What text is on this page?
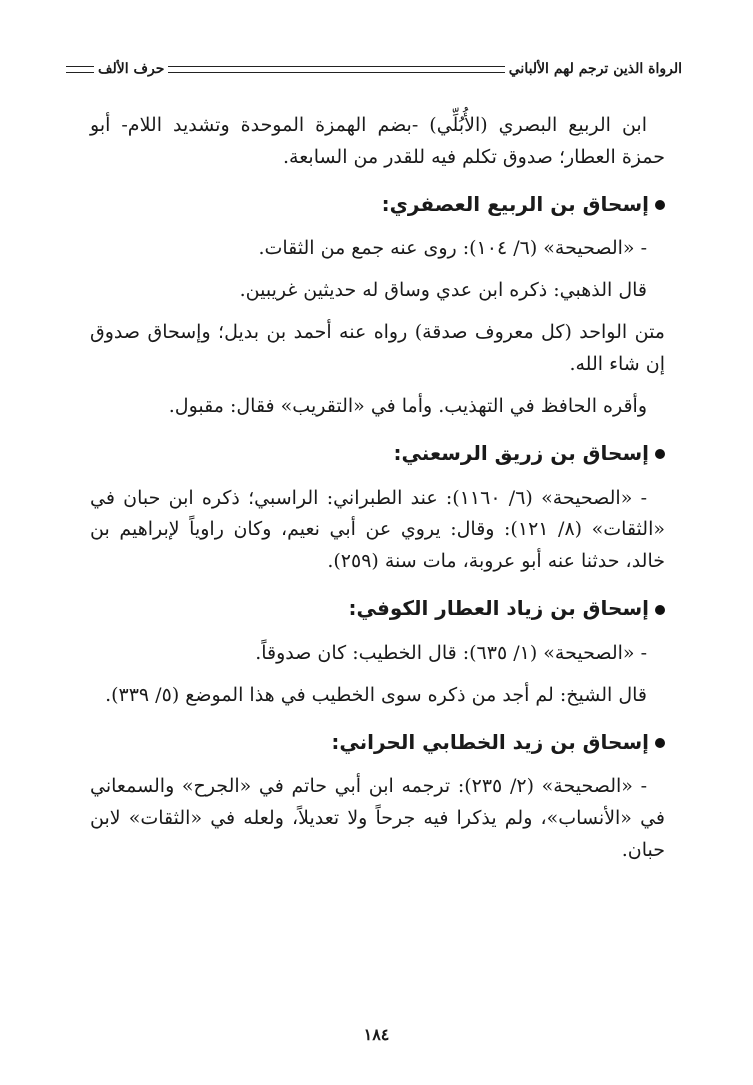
الرواة الذين ترجم لهم الألباني
حرف الألف

ابن الربيع البصري (الأُبُلِّي) -بضم الهمزة الموحدة وتشديد اللام- أبو حمزة العطار؛ صدوق تكلم فيه للقدر من السابعة.

إسحاق بن الربيع العصفري:

- «الصحيحة» (٦/ ١٠٤): روى عنه جمع من الثقات.

قال الذهبي: ذكره ابن عدي وساق له حديثين غريبين.

متن الواحد (كل معروف صدقة) رواه عنه أحمد بن بديل؛ وإسحاق صدوق إن شاء الله.

وأقره الحافظ في التهذيب. وأما في «التقريب» فقال: مقبول.

إسحاق بن زريق الرسعني:

- «الصحيحة» (٦/ ١١٦٠): عند الطبراني: الراسبي؛ ذكره ابن حبان في «الثقات» (٨/ ١٢١): وقال: يروي عن أبي نعيم، وكان راوياً لإبراهيم بن خالد، حدثنا عنه أبو عروبة، مات سنة (٢٥٩).

إسحاق بن زياد العطار الكوفي:

- «الصحيحة» (١/ ٦٣٥): قال الخطيب: كان صدوقاً.

قال الشيخ: لم أجد من ذكره سوى الخطيب في هذا الموضع (٥/ ٣٣٩).

إسحاق بن زيد الخطابي الحراني:

- «الصحيحة» (٢/ ٢٣٥): ترجمه ابن أبي حاتم في «الجرح» والسمعاني في «الأنساب»، ولم يذكرا فيه جرحاً ولا تعديلاً، ولعله في «الثقات» لابن حبان.

١٨٤
